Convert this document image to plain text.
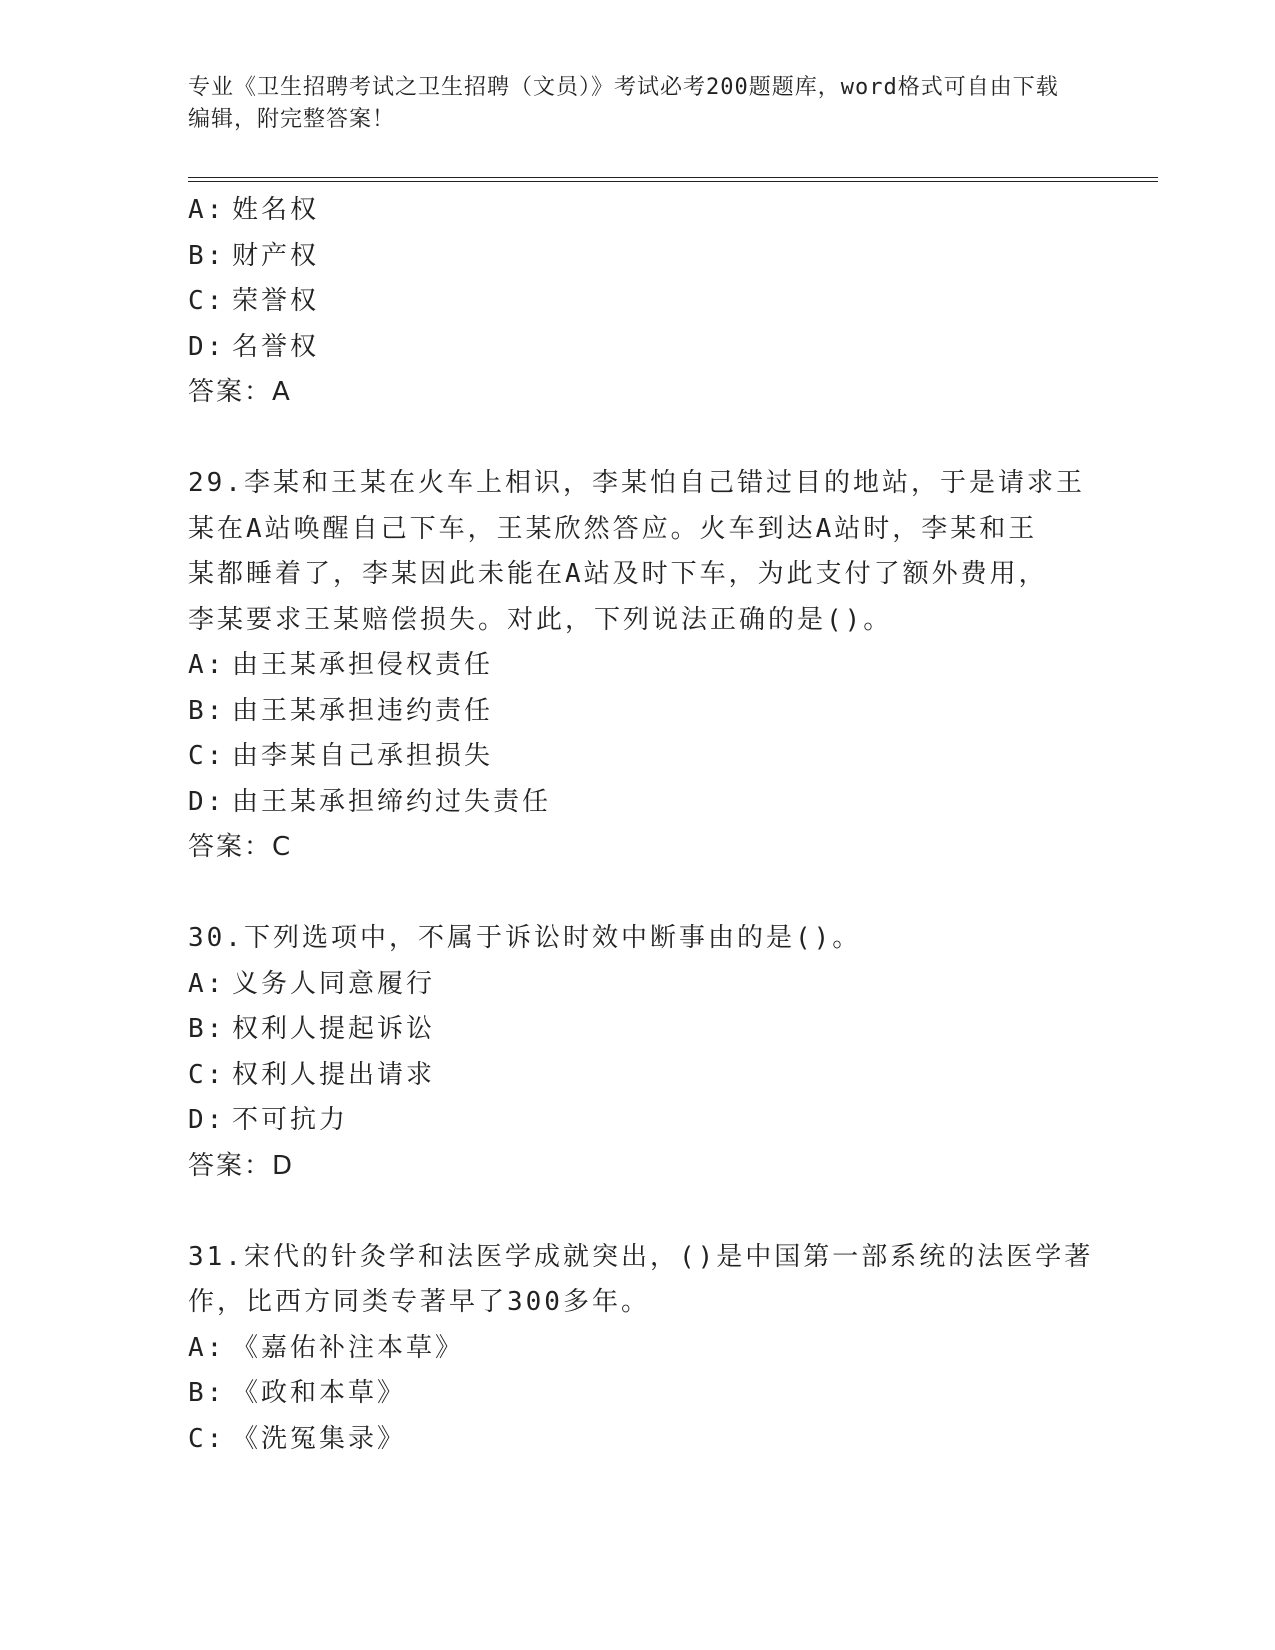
专业《卫生招聘考试之卫生招聘（文员）》考试必考200题题库，word格式可自由下载编辑，附完整答案！
A: 姓名权
B: 财产权
C: 荣誉权
D: 名誉权
答案：A
29.李某和王某在火车上相识，李某怕自己错过目的地站，于是请求王
某在A站唤醒自己下车，王某欣然答应。火车到达A站时，李某和王
某都睡着了，李某因此未能在A站及时下车，为此支付了额外费用，
李某要求王某赔偿损失。对此，下列说法正确的是()。
A: 由王某承担侵权责任
B: 由王某承担违约责任
C: 由李某自己承担损失
D: 由王某承担缔约过失责任
答案：C
30.下列选项中，不属于诉讼时效中断事由的是()。
A: 义务人同意履行
B: 权利人提起诉讼
C: 权利人提出请求
D: 不可抗力
答案：D
31.宋代的针灸学和法医学成就突出，()是中国第一部系统的法医学著
作，比西方同类专著早了300多年。
A: 《嘉佑补注本草》
B: 《政和本草》
C: 《洗冤集录》
